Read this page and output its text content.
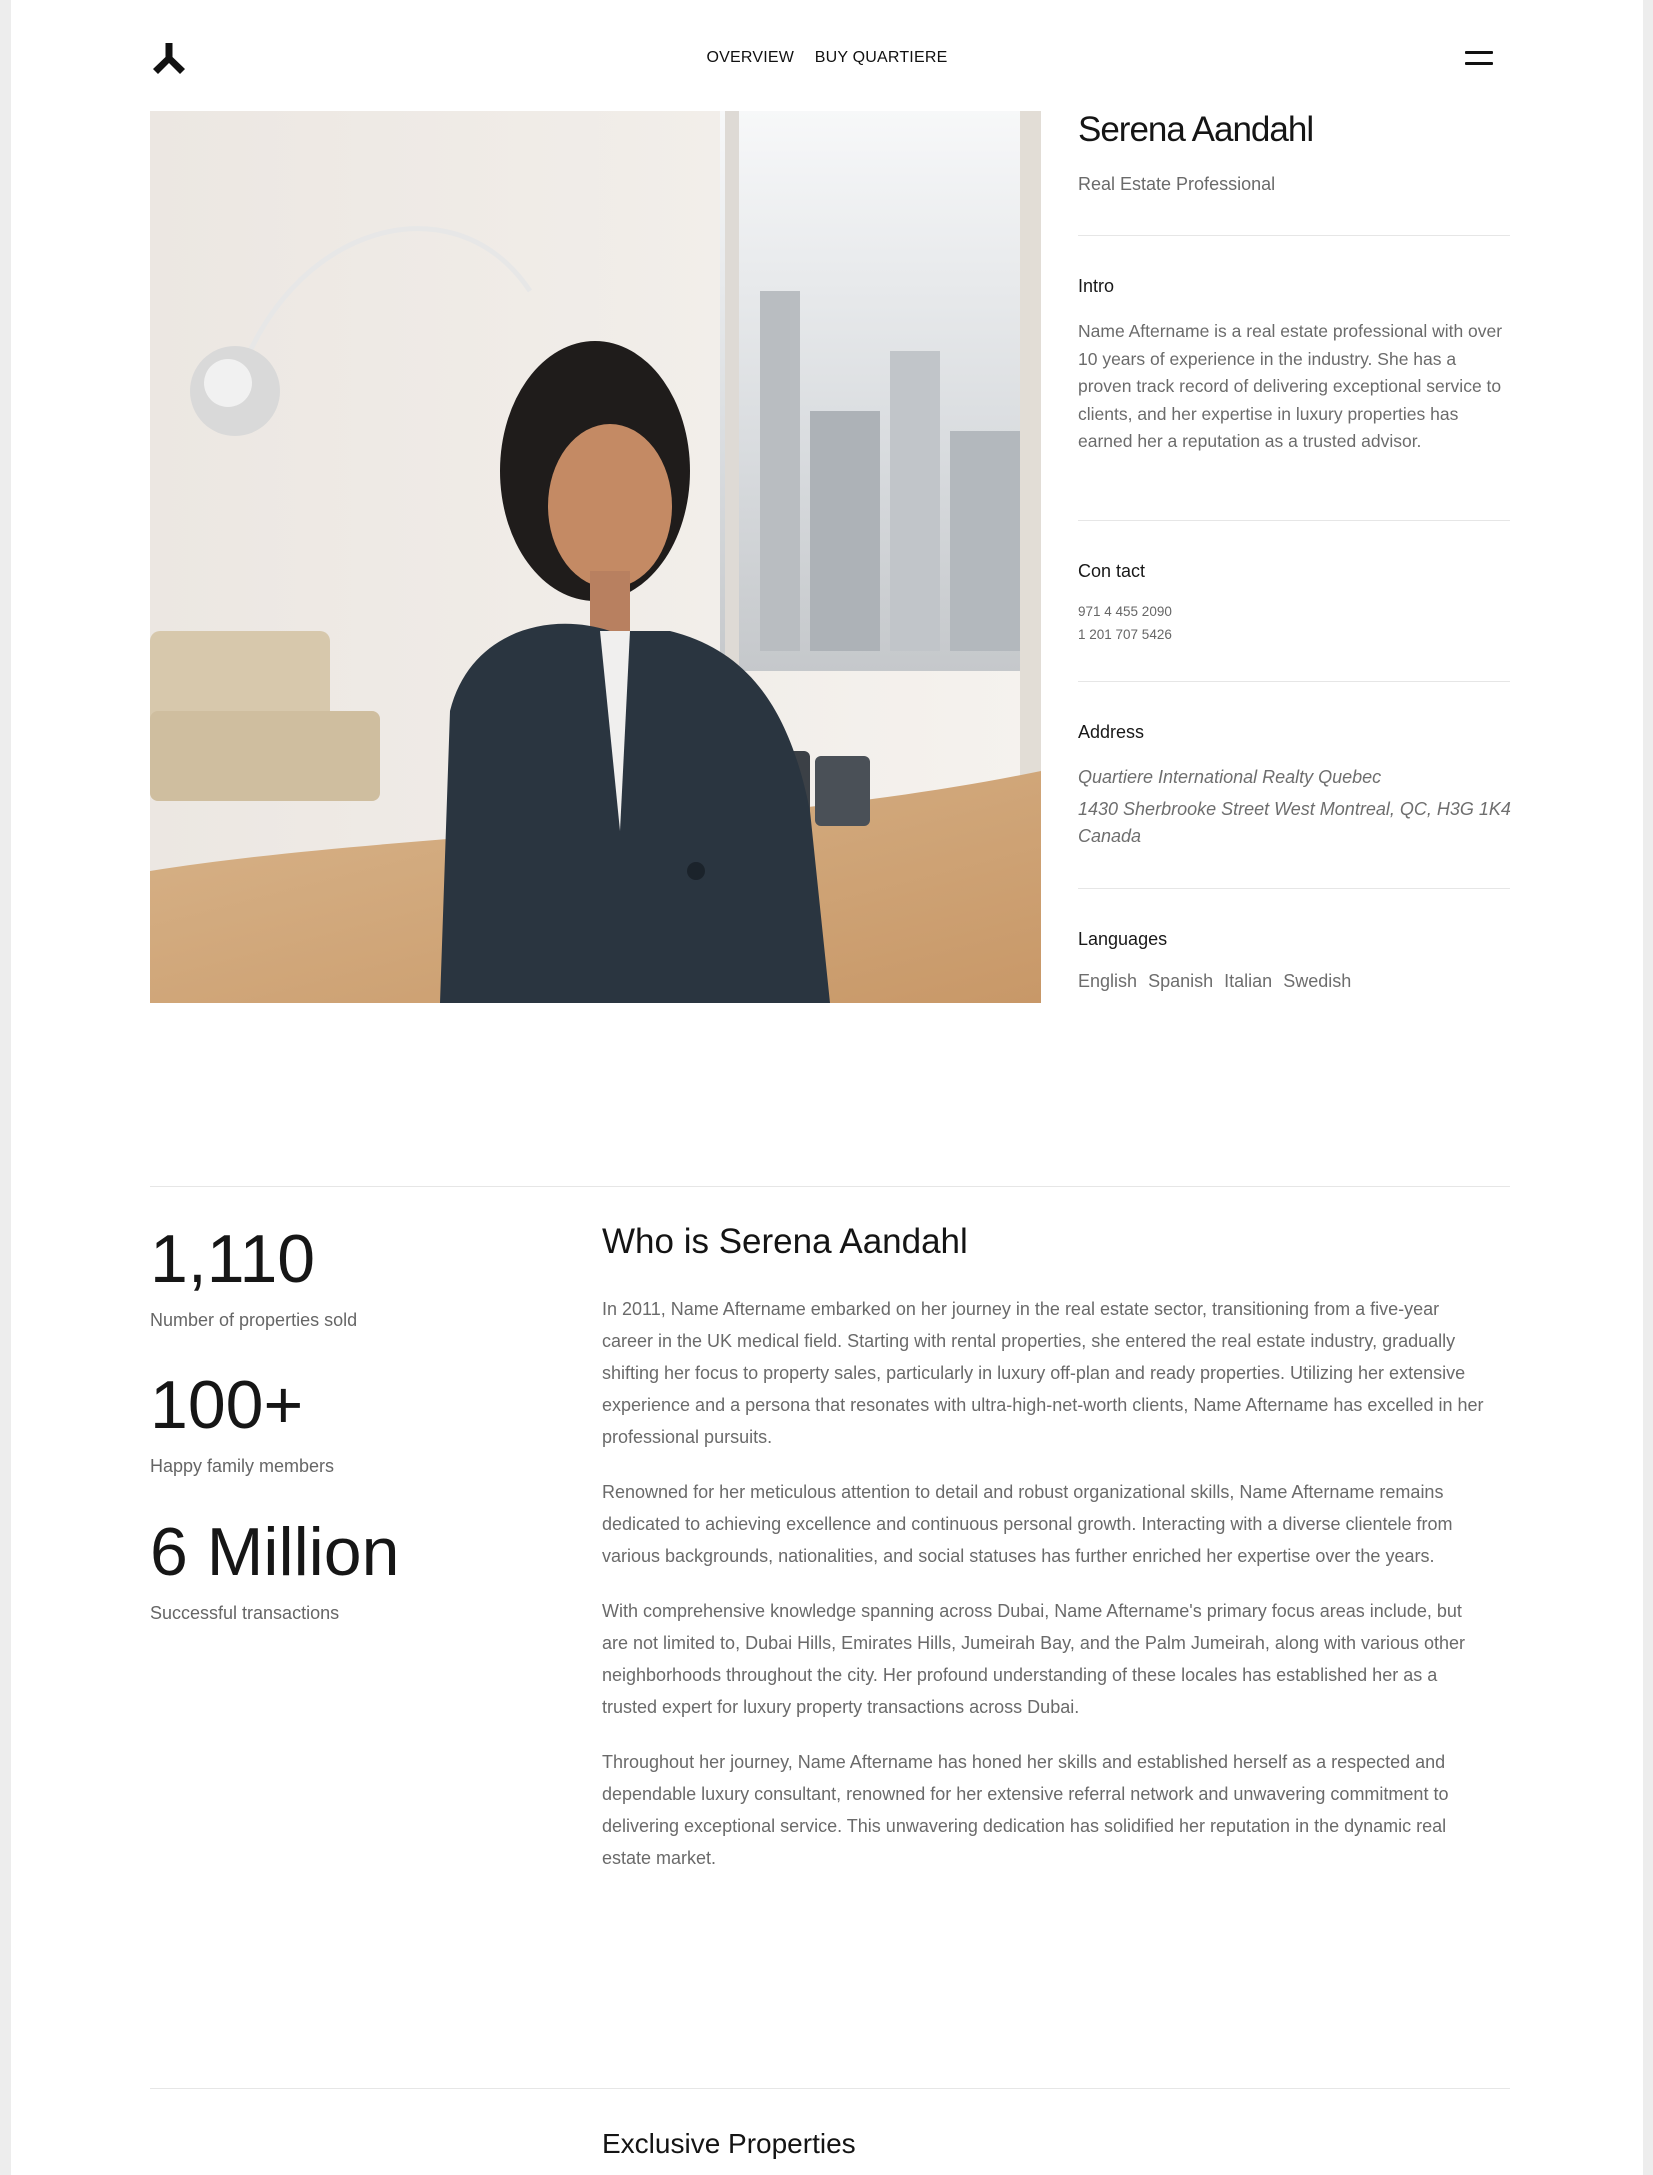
OVERVIEW BUY QUARTIERE
Serena Aandahl
Real Estate Professional
Intro
Name Aftername is a real estate professional with over 10 years of experience in the industry. She has a proven track record of delivering exceptional service to clients, and her expertise in luxury properties has earned her a reputation as a trusted advisor.
Con tact
971 4 455 2090
1 201 707 5426
Address
Quartiere International Realty Quebec
1430 Sherbrooke Street West Montreal, QC, H3G 1K4 Canada
Languages
English Spanish Italian Swedish
1,110
Number of properties sold
100+
Happy family members
6 Million
Successful transactions
Who is Serena Aandahl

In 2011, Name Aftername embarked on her journey in the real estate sector, transitioning from a five-year career in the UK medical field. Starting with rental properties, she entered the real estate industry, gradually shifting her focus to property sales, particularly in luxury off-plan and ready properties. Utilizing her extensive experience and a persona that resonates with ultra-high-net-worth clients, Name Aftername has excelled in her professional pursuits.

Renowned for her meticulous attention to detail and robust organizational skills, Name Aftername remains dedicated to achieving excellence and continuous personal growth. Interacting with a diverse clientele from various backgrounds, nationalities, and social statuses has further enriched her expertise over the years.

With comprehensive knowledge spanning across Dubai, Name Aftername's primary focus areas include, but are not limited to, Dubai Hills, Emirates Hills, Jumeirah Bay, and the Palm Jumeirah, along with various other neighborhoods throughout the city. Her profound understanding of these locales has established her as a trusted expert for luxury property transactions across Dubai.

Throughout her journey, Name Aftername has honed her skills and established herself as a respected and dependable luxury consultant, renowned for her extensive referral network and unwavering commitment to delivering exceptional service. This unwavering dedication has solidified her reputation in the dynamic real estate market.

Exclusive Properties
